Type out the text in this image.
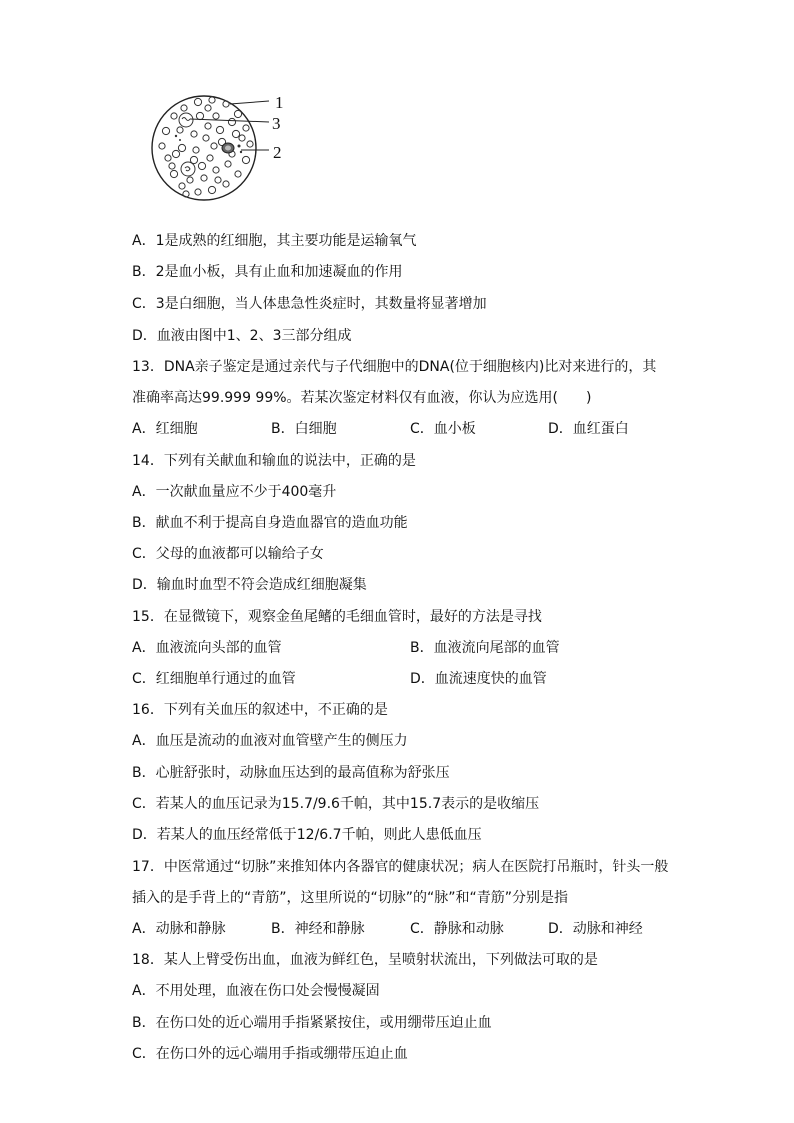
1
3
2
A．1是成熟的红细胞，其主要功能是运输氧气
B．2是血小板，具有止血和加速凝血的作用
C．3是白细胞，当人体患急性炎症时，其数量将显著增加
D．血液由图中1、2、3三部分组成
13．DNA亲子鉴定是通过亲代与子代细胞中的DNA(位于细胞核内)比对来进行的，其
准确率高达99.999 99%。若某次鉴定材料仅有血液，你认为应选用(　　)
A．红细胞	B．白细胞	C．血小板	D．血红蛋白
14．下列有关献血和输血的说法中，正确的是
A．一次献血量应不少于400毫升
B．献血不利于提高自身造血器官的造血功能
C．父母的血液都可以输给子女
D．输血时血型不符会造成红细胞凝集
15．在显微镜下，观察金鱼尾鳍的毛细血管时，最好的方法是寻找
A．血液流向头部的血管	B．血液流向尾部的血管
C．红细胞单行通过的血管	D．血流速度快的血管
16．下列有关血压的叙述中，不正确的是
A．血压是流动的血液对血管壁产生的侧压力
B．心脏舒张时，动脉血压达到的最高值称为舒张压
C．若某人的血压记录为15.7/9.6千帕，其中15.7表示的是收缩压
D．若某人的血压经常低于12/6.7千帕，则此人患低血压
17．中医常通过“切脉”来推知体内各器官的健康状况；病人在医院打吊瓶时，针头一般
插入的是手背上的“青筋”，这里所说的“切脉”的“脉”和“青筋”分别是指
A．动脉和静脉	B．神经和静脉	C．静脉和动脉	D．动脉和神经
18．某人上臂受伤出血，血液为鲜红色，呈喷射状流出，下列做法可取的是
A．不用处理，血液在伤口处会慢慢凝固
B．在伤口处的近心端用手指紧紧按住，或用绷带压迫止血
C．在伤口外的远心端用手指或绷带压迫止血
